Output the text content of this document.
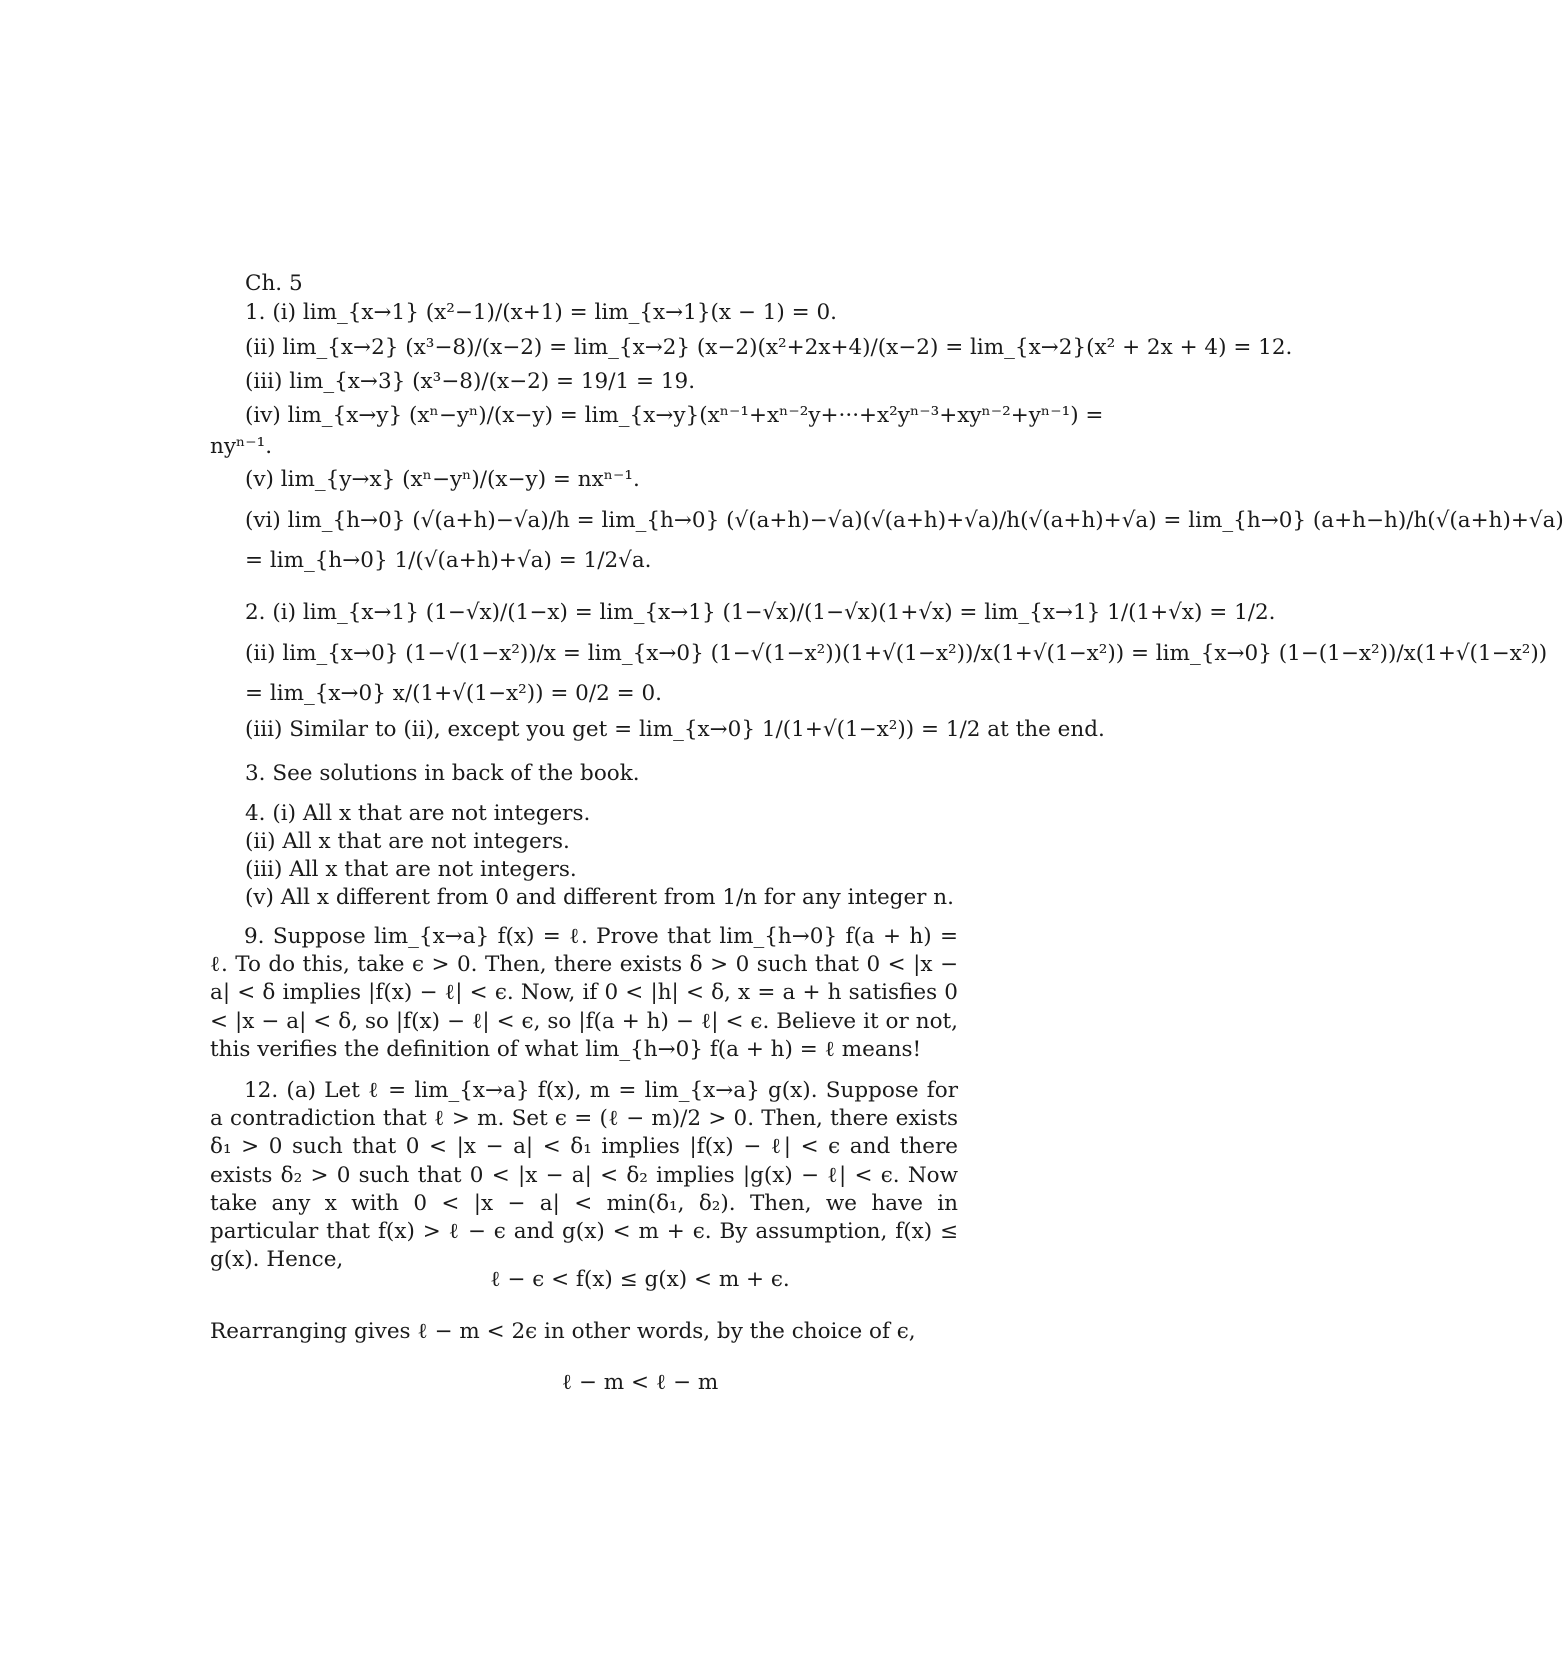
Ch. 5
1. (i) lim_{x→1} (x²−1)/(x+1) = lim_{x→1}(x − 1) = 0.
(ii) lim_{x→2} (x³−8)/(x−2) = lim_{x→2} (x−2)(x²+2x+4)/(x−2) = lim_{x→2}(x² + 2x + 4) = 12.
(iii) lim_{x→3} (x³−8)/(x−2) = 19/1 = 19.
(iv) lim_{x→y} (xⁿ−yⁿ)/(x−y) = lim_{x→y}(xⁿ⁻¹+xⁿ⁻²y+···+x²yⁿ⁻³+xyⁿ⁻²+yⁿ⁻¹) =
nyⁿ⁻¹.
(v) lim_{y→x} (xⁿ−yⁿ)/(x−y) = nxⁿ⁻¹.
(vi) lim_{h→0} (√(a+h)−√a)/h = lim_{h→0} (√(a+h)−√a)(√(a+h)+√a)/h(√(a+h)+√a) = lim_{h→0} (a+h−h)/h(√(a+h)+√a)
= lim_{h→0} 1/(√(a+h)+√a) = 1/2√a.
2. (i) lim_{x→1} (1−√x)/(1−x) = lim_{x→1} (1−√x)/(1−√x)(1+√x) = lim_{x→1} 1/(1+√x) = 1/2.
(ii) lim_{x→0} (1−√(1−x²))/x = lim_{x→0} (1−√(1−x²))(1+√(1−x²))/x(1+√(1−x²)) = lim_{x→0} (1−(1−x²))/x(1+√(1−x²))
= lim_{x→0} x/(1+√(1−x²)) = 0/2 = 0.
(iii) Similar to (ii), except you get = lim_{x→0} 1/(1+√(1−x²)) = 1/2 at the end.
3. See solutions in back of the book.
4. (i) All x that are not integers.
(ii) All x that are not integers.
(iii) All x that are not integers.
(v) All x different from 0 and different from 1/n for any integer n.
9. Suppose lim_{x→a} f(x) = ℓ. Prove that lim_{h→0} f(a + h) = ℓ. To do this, take ϵ > 0. Then, there exists δ > 0 such that 0 < |x − a| < δ implies |f(x) − ℓ| < ϵ. Now, if 0 < |h| < δ, x = a + h satisfies 0 < |x − a| < δ, so |f(x) − ℓ| < ϵ, so |f(a + h) − ℓ| < ϵ. Believe it or not, this verifies the definition of what lim_{h→0} f(a + h) = ℓ means!
12. (a) Let ℓ = lim_{x→a} f(x), m = lim_{x→a} g(x). Suppose for a contradiction that ℓ > m. Set ϵ = (ℓ − m)/2 > 0. Then, there exists δ₁ > 0 such that 0 < |x − a| < δ₁ implies |f(x) − ℓ| < ϵ and there exists δ₂ > 0 such that 0 < |x − a| < δ₂ implies |g(x) − ℓ| < ϵ. Now take any x with 0 < |x − a| < min(δ₁, δ₂). Then, we have in particular that f(x) > ℓ − ϵ and g(x) < m + ϵ. By assumption, f(x) ≤ g(x). Hence,
ℓ − ϵ < f(x) ≤ g(x) < m + ϵ.
Rearranging gives ℓ − m < 2ϵ in other words, by the choice of ϵ,
ℓ − m < ℓ − m
